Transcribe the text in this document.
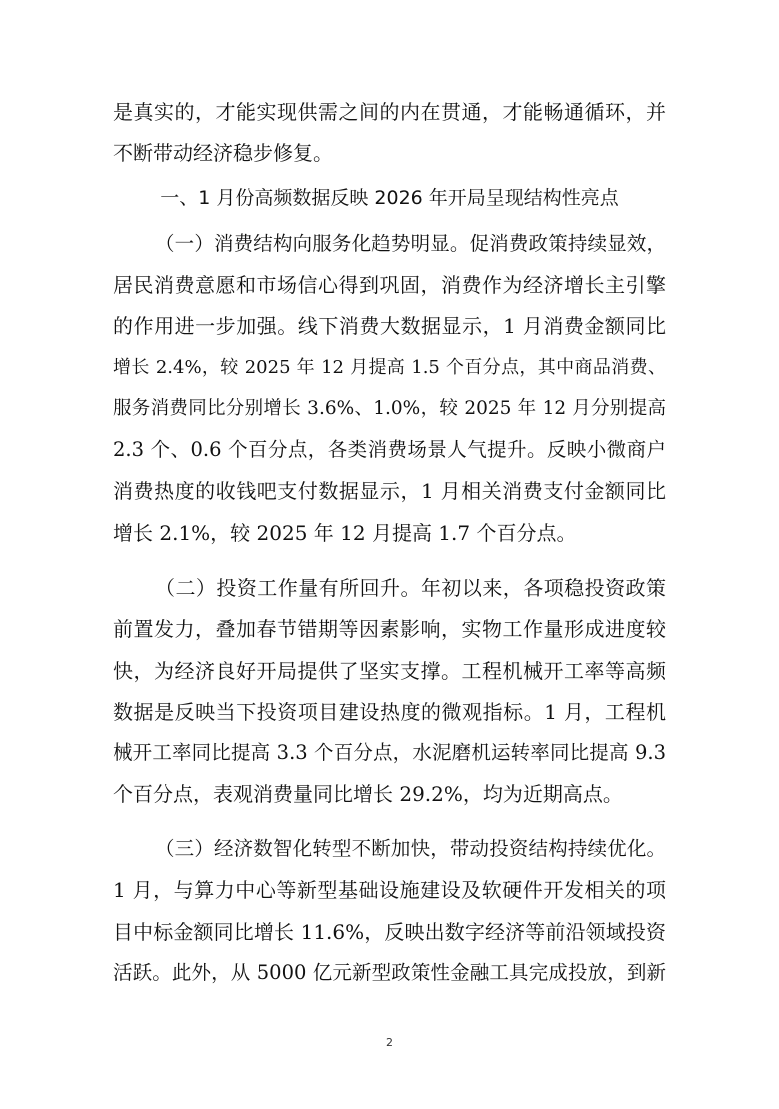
是真实的，才能实现供需之间的内在贯通，才能畅通循环，并
不断带动经济稳步修复。
一、1 月份高频数据反映 2026 年开局呈现结构性亮点
（一）消费结构向服务化趋势明显。促消费政策持续显效，
居民消费意愿和市场信心得到巩固，消费作为经济增长主引擎
的作用进一步加强。线下消费大数据显示，1 月消费金额同比
增长 2.4%，较 2025 年 12 月提高 1.5 个百分点，其中商品消费、
服务消费同比分别增长 3.6%、1.0%，较 2025 年 12 月分别提高
2.3 个、0.6 个百分点，各类消费场景人气提升。反映小微商户
消费热度的收钱吧支付数据显示，1 月相关消费支付金额同比
增长 2.1%，较 2025 年 12 月提高 1.7 个百分点。
（二）投资工作量有所回升。年初以来，各项稳投资政策
前置发力，叠加春节错期等因素影响，实物工作量形成进度较
快，为经济良好开局提供了坚实支撑。工程机械开工率等高频
数据是反映当下投资项目建设热度的微观指标。1 月，工程机
械开工率同比提高 3.3 个百分点，水泥磨机运转率同比提高 9.3
个百分点，表观消费量同比增长 29.2%，均为近期高点。
（三）经济数智化转型不断加快，带动投资结构持续优化。
1 月，与算力中心等新型基础设施建设及软硬件开发相关的项
目中标金额同比增长 11.6%，反映出数字经济等前沿领域投资
活跃。此外，从 5000 亿元新型政策性金融工具完成投放，到新
2
